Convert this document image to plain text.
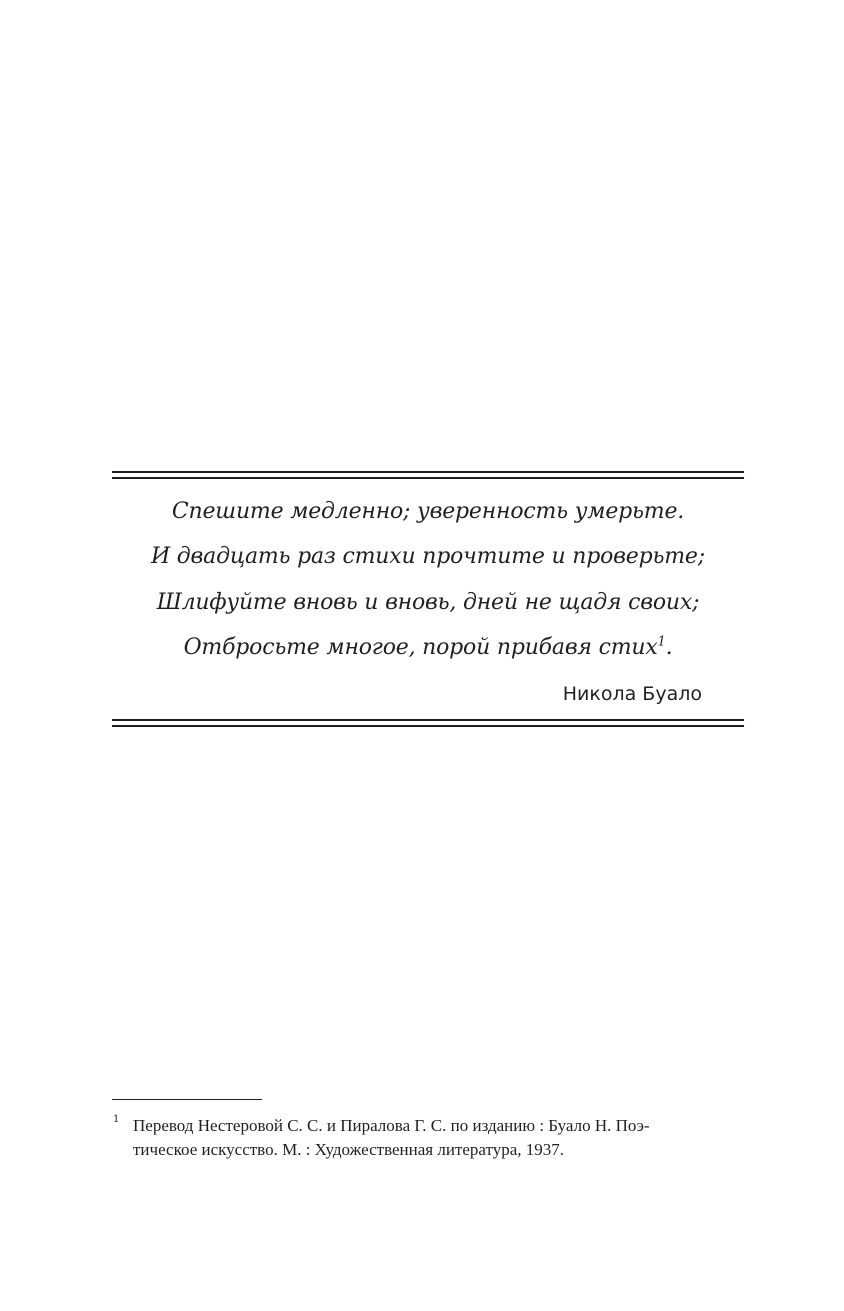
Спешите медленно; уверенность умерьте.
И двадцать раз стихи прочтите и проверьте;
Шлифуйте вновь и вновь, дней не щадя своих;
Отбросьте многое, порой прибавя стих$^1$.
Никола Буало
1 Перевод Нестеровой С. С. и Пиралова Г. С. по изданию : Буало Н. Поэ-
тическое искусство. М. : Художественная литература, 1937.
